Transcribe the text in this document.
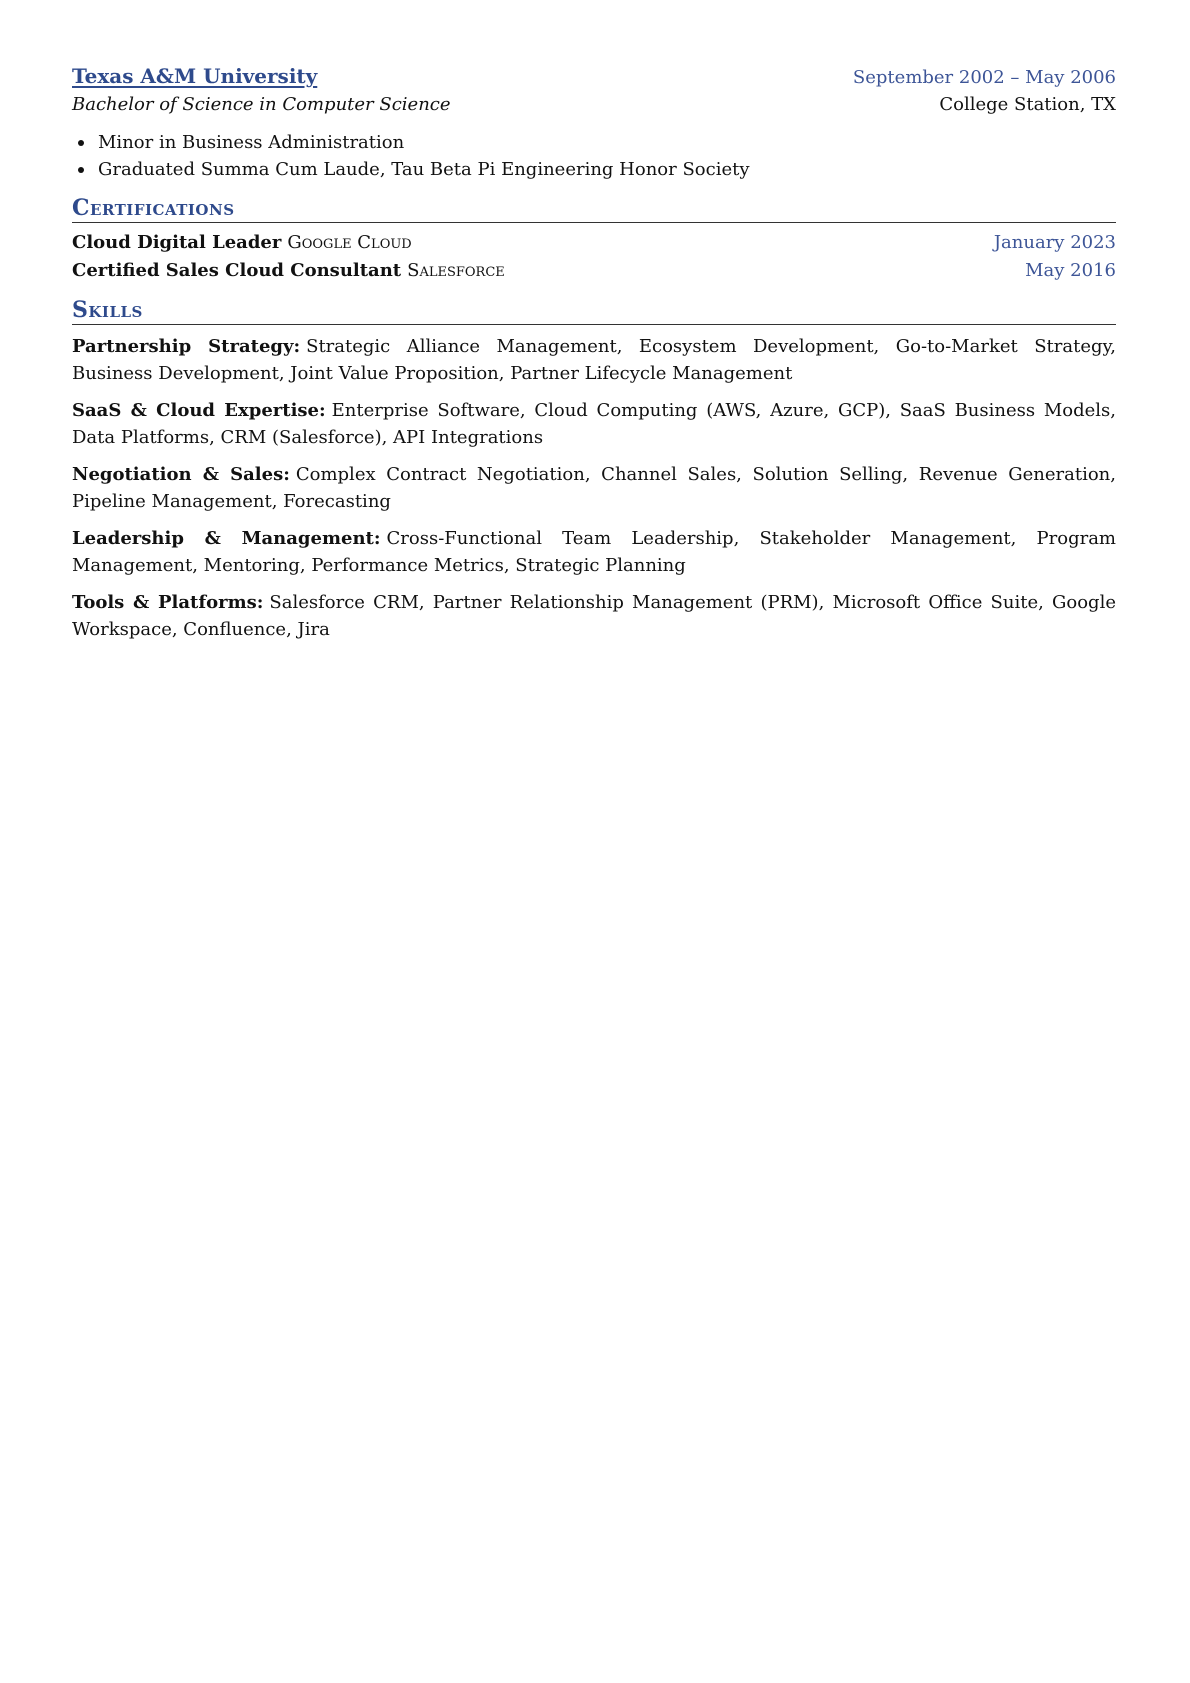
Texas A&M University	September 2002 – May 2006
Bachelor of Science in Computer Science	College Station, TX
Minor in Business Administration
Graduated Summa Cum Laude, Tau Beta Pi Engineering Honor Society
Certifications
Cloud Digital Leader Google Cloud	January 2023
Certified Sales Cloud Consultant Salesforce	May 2016
Skills
Partnership Strategy: Strategic Alliance Management, Ecosystem Development, Go-to-Market Strategy, Business Development, Joint Value Proposition, Partner Lifecycle Management
SaaS & Cloud Expertise: Enterprise Software, Cloud Computing (AWS, Azure, GCP), SaaS Business Models, Data Platforms, CRM (Salesforce), API Integrations
Negotiation & Sales: Complex Contract Negotiation, Channel Sales, Solution Selling, Revenue Generation, Pipeline Management, Forecasting
Leadership & Management: Cross-Functional Team Leadership, Stakeholder Management, Program Management, Mentoring, Performance Metrics, Strategic Planning
Tools & Platforms: Salesforce CRM, Partner Relationship Management (PRM), Microsoft Office Suite, Google Workspace, Confluence, Jira
